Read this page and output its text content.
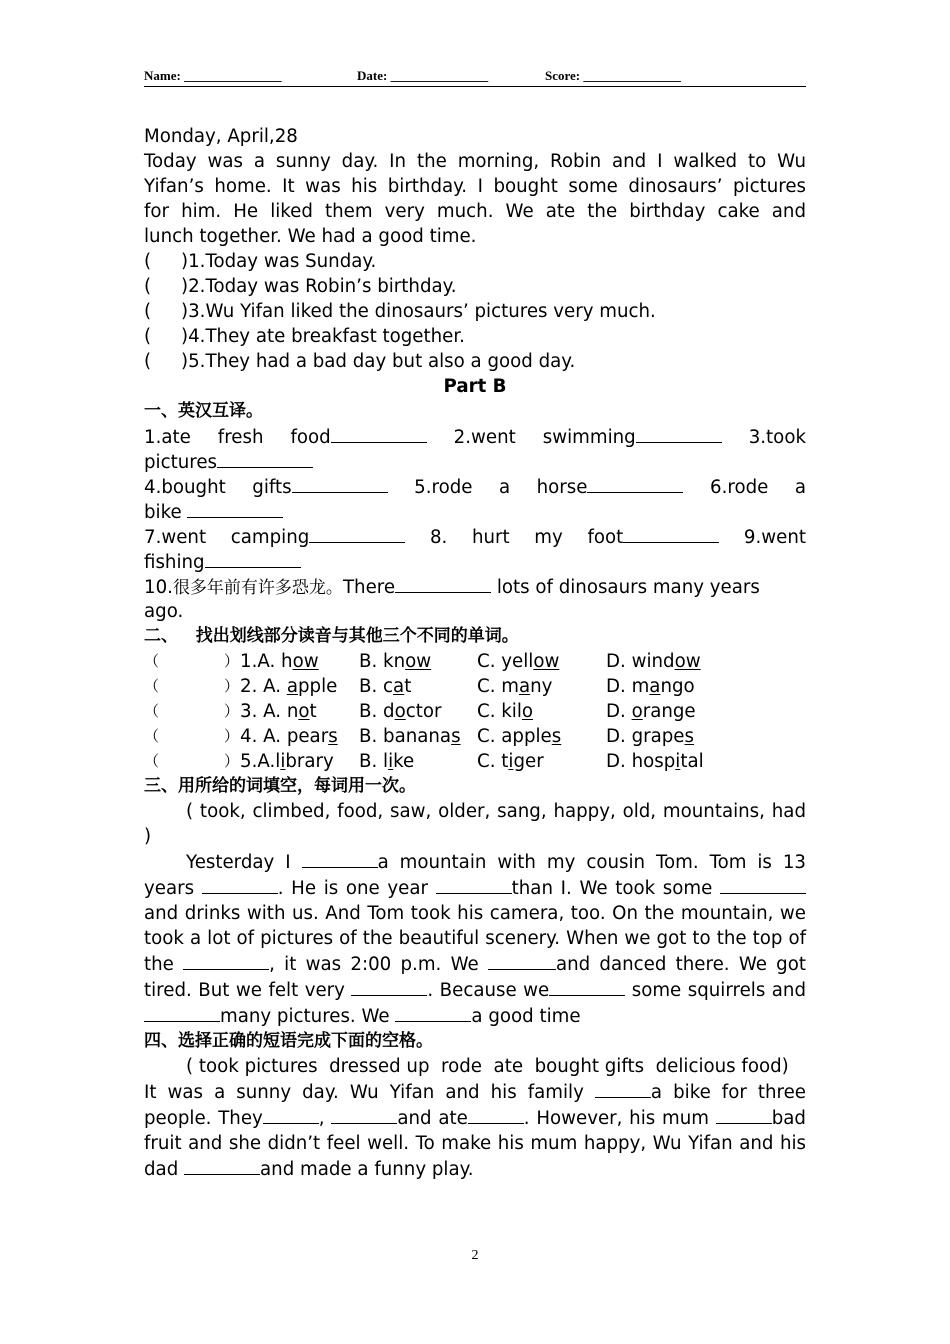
Name: _______________

	Date: _______________

	Score: _______________

Monday, April,28
Today was a sunny day. In the morning, Robin and I walked to Wu
Yifan’s home. It was his birthday. I bought some dinosaurs’ pictures
for him. He liked them very much. We ate the birthday cake and
lunch together. We had a good time.
( )1.Today was Sunday.
( )2.Today was Robin’s birthday.
( )3.Wu Yifan liked the dinosaurs’ pictures very much.
( )4.They ate breakfast together.
( )5.They had a bad day but also a good day.
Part B
一、英汉互译。
1.ate fresh food	2.went swimming	3.took
pictures
4.bought gifts	5.rode a horse	6.rode a
bike
7.went camping	8. hurt my foot	9.went
fishing
10.很多年前有许多恐龙。There	lots of dinosaurs many years
ago.
二、   找出划线部分读音与其他三个不同的单词。
（	） 1.A. how B. know	C. yellow	D. window
（	） 2. A. apple B. cat	C. many	D. mango
（	） 3. A. not B. doctor C. kilo	D. orange
（	） 4. A. pears B. bananas C. apples D. grapes
（	） 5.A.library B. like	C. tiger	D. hospital
三、用所给的词填空，每词用一次。
( took, climbed, food, saw, older, sang, happy, old, mountains, had )
Yesterday I	a mountain with my cousin Tom. Tom is 13 years	. He is one year	than I. We took some and drinks with us. And Tom took his camera, too. On the mountain, we took a lot of pictures of the beautiful scenery. When we got to the top of the	, it was 2:00 p.m. We	and danced there. We got tired. But we felt very	. Because we	some squirrels and many pictures. We	a good time
四、选择正确的短语完成下面的空格。
( took pictures  dressed up  rode  ate  bought gifts  delicious food)
It was a sunny day. Wu Yifan and his family	a bike for three people. They	,	and ate	. However, his mum	bad fruit and she didn’t feel well. To make his mum happy, Wu Yifan and his dad	and made a funny play.
2
